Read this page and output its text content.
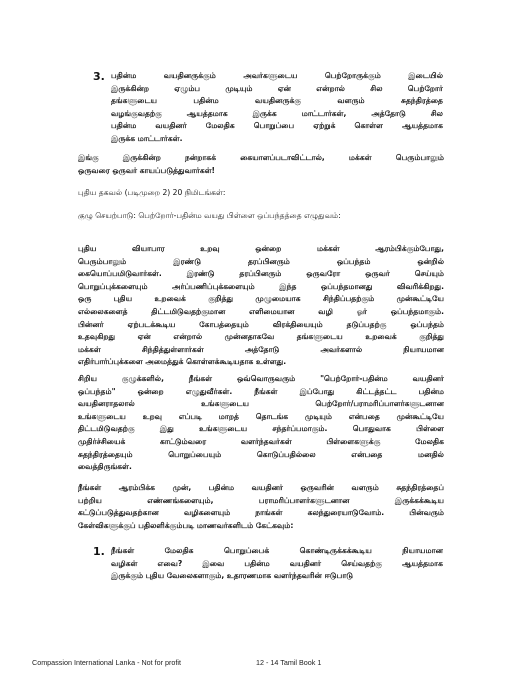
3. பதின்ம வயதினருக்கும் அவர்களுடைய பெற்றோருக்கும் இடையில்
இருக்கின்ற ஏழும்ப முடியும் ஏன் என்றால் சில பெற்றோர்
தங்களுடைய பதின்ம வயதினருக்கு வளரும் சுதந்திரத்தை
வழங்குவதற்கு ஆயத்தமாக இருக்க மாட்டார்கள், அத்தோடு சில
பதின்ம வயதினர் மேலதிக பொறுப்பை ஏற்றுக் கொள்ள ஆயத்தமாக
இருக்க மாட்டார்கள்.
இங்கு இருக்கின்ற நன்றாகக் கையாளப்படாவிட்டால், மக்கள் பெரும்பாலும்
ஒருவரை ஒருவர் காயப்படுத்துவார்கள்!
புதிய தகவல் (படிமுறை 2) 20 நிமிடங்கள்:
குழு செயற்பாடு: பெற்றோர்-பதின்ம வயது பிள்ளை ஒப்பந்தத்தை எழுதுவம்:
புதிய வியாபார உறவு ஒன்றை மக்கள் ஆரம்பிக்கும்போது,
பெரும்பாலும் இரண்டு தரப்பினரும் ஒப்பந்தம் ஒன்றில்
கையொப்பமிடுவார்கள். இரண்டு தரப்பினரும் ஒருவரோ ஒருவர் செய்யும்
பொறுப்புக்களையும் அர்ப்பணிப்புக்களையும் இந்த ஒப்பந்தமானது விவரிக்கிறது.
ஒரு புதிய உறவைக் குறித்து முழுமையாக சிந்திப்பதற்கும் முன்கூட்டியே
எல்லைகளைத் திட்டமிடுவதற்குமான எளிமையான வழி ஓர் ஒப்பந்தமாகும்.
பின்னர் ஏற்படக்கூடிய கோபத்தையும் விரக்தியையும் தடுப்பதற்கு ஒப்பந்தம்
உதவுகிறது ஏன் என்றால் முன்னதாகவே தங்களுடைய உறவைக் குறித்து
மக்கள் சிந்தித்துள்ளார்கள் அத்தோடு அவர்களால் நியாயமான
எதிர்பார்ப்புக்களை அமைத்துக் கொள்ளக்கூடியதாக உள்ளது.
சிறிய குழுக்களில், நீங்கள் ஒவ்வொருவரும் "பெற்றோர்-பதின்ம வயதினர்
ஒப்பந்தம்" ஒன்றை எழுதுவீர்கள். நீங்கள் இப்போது கிட்டத்தட்ட பதின்ம
வயதினராதலால் உங்களுடைய பெற்றோர்/பராமரிப்பாளர்களுடனான
உங்களுடைய உறவு எப்படி மாறத் தொடங்க முடியும் என்பதை முன்கூட்டியே
திட்டமிடுவதற்கு இது உங்களுடைய சந்தர்ப்பமாகும். பொதுவாக பிள்ளை
முதிர்ச்சியைக் காட்டும்வரை வளர்ந்தவர்கள் பிள்ளைகளுக்கு மேலதிக
சுதந்திரத்தையும் பொறுப்பையும் கொடுப்பதில்லை என்பதை மனதில்
வைத்திருங்கள்.
நீங்கள் ஆரம்பிக்க முன், பதின்ம வயதினர் ஒருவரின் வளரும் சுதந்திரத்தைப்
பற்றிய எண்ணங்களையும், பராமரிப்பாளர்களுடனான இருக்கக்கூடிய
கட்டுப்படுத்துவதற்கான வழிகளையும் நாங்கள் கலந்துரையாடுவோம். பின்வரும்
கேள்விகளுக்குப் பதிலளிக்கும்படி மாணவர்களிடம் கேட்கவும்:
1. நீங்கள் மேலதிக பொறுப்பைக் கொண்டிருக்கக்கூடிய நியாயமான
வழிகள் எவை? இவை பதின்ம வயதினர் செய்வதற்கு ஆயத்தமாக
இருக்கும் புதிய வேலைகளாகும், உதாரணமாக வளர்ந்தவரின் ஈடுபாடு
Compassion International Lanka - Not for profit	12 - 14 Tamil Book 1
